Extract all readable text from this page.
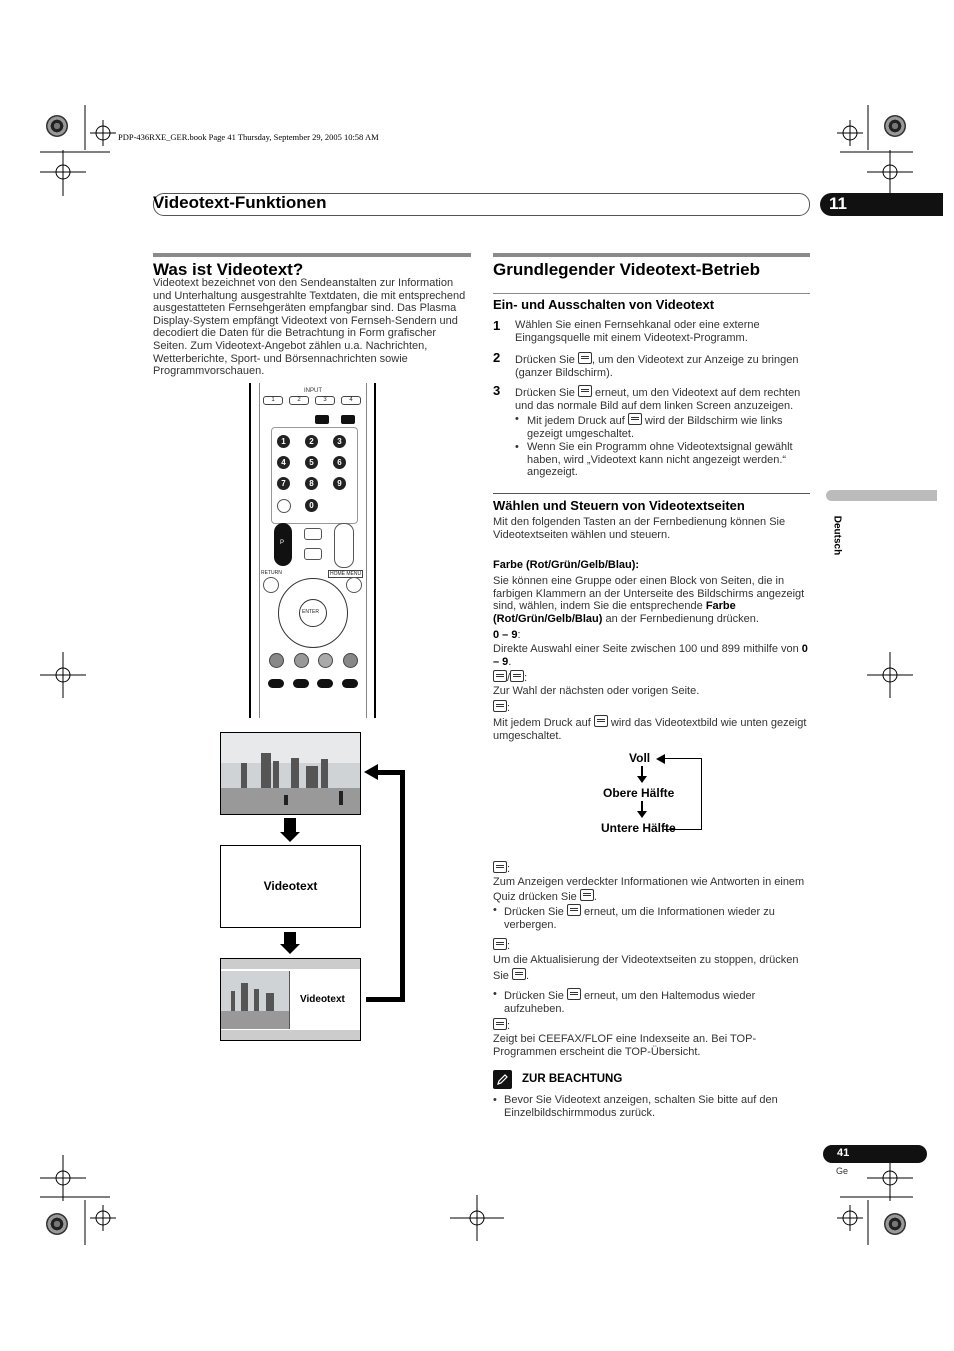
PDP-436RXE_GER.book Page 41 Thursday, September 29, 2005 10:58 AM
Videotext-Funktionen	11
Deutsch
Was ist Videotext?
Videotext bezeichnet von den Sendeanstalten zur Information und Unterhaltung ausgestrahlte Textdaten, die mit entsprechend ausgestatteten Fernsehgeräten empfangbar sind. Das Plasma Display-System empfängt Videotext von Fernseh-Sendern und decodiert die Daten für die Betrachtung in Form grafischer Seiten. Zum Videotext-Angebot zählen u.a. Nachrichten, Wetterberichte, Sport- und Börsennachrichten sowie Programmvorschauen.
INPUT
1	2	3	4
1	2	3
4	5	6
7	8	9
0
P
RETURN	HOME MENU
ENTER
Videotext
Videotext
Grundlegender Videotext-Betrieb
Ein- und Ausschalten von Videotext
1 Wählen Sie einen Fernsehkanal oder eine externe Eingangsquelle mit einem Videotext-Programm.
2 Drücken Sie , um den Videotext zur Anzeige zu bringen (ganzer Bildschirm).
3 Drücken Sie  erneut, um den Videotext auf dem rechten und das normale Bild auf dem linken Screen anzuzeigen.
• Mit jedem Druck auf  wird der Bildschirm wie links gezeigt umgeschaltet.
• Wenn Sie ein Programm ohne Videotextsignal gewählt haben, wird „Videotext kann nicht angezeigt werden.“ angezeigt.
Wählen und Steuern von Videotextseiten
Mit den folgenden Tasten an der Fernbedienung können Sie Videotextseiten wählen und steuern.
Farbe (Rot/Grün/Gelb/Blau):
Sie können eine Gruppe oder einen Block von Seiten, die in farbigen Klammern an der Unterseite des Bildschirms angezeigt sind, wählen, indem Sie die entsprechende Farbe (Rot/Grün/Gelb/Blau) an der Fernbedienung drücken.
0 – 9:
Direkte Auswahl einer Seite zwischen 100 und 899 mithilfe von 0 – 9.
/ :
Zur Wahl der nächsten oder vorigen Seite.
:
Mit jedem Druck auf  wird das Videotextbild wie unten gezeigt umgeschaltet.
Voll
Obere Hälfte
Untere Hälfte
:
Zum Anzeigen verdeckter Informationen wie Antworten in einem Quiz drücken Sie .
• Drücken Sie  erneut, um die Informationen wieder zu verbergen.
:
Um die Aktualisierung der Videotextseiten zu stoppen, drücken Sie .
• Drücken Sie  erneut, um den Haltemodus wieder aufzuheben.
:
Zeigt bei CEEFAX/FLOF eine Indexseite an. Bei TOP-Programmen erscheint die TOP-Übersicht.
ZUR BEACHTUNG
• Bevor Sie Videotext anzeigen, schalten Sie bitte auf den Einzelbildschirmmodus zurück.
41
Ge
